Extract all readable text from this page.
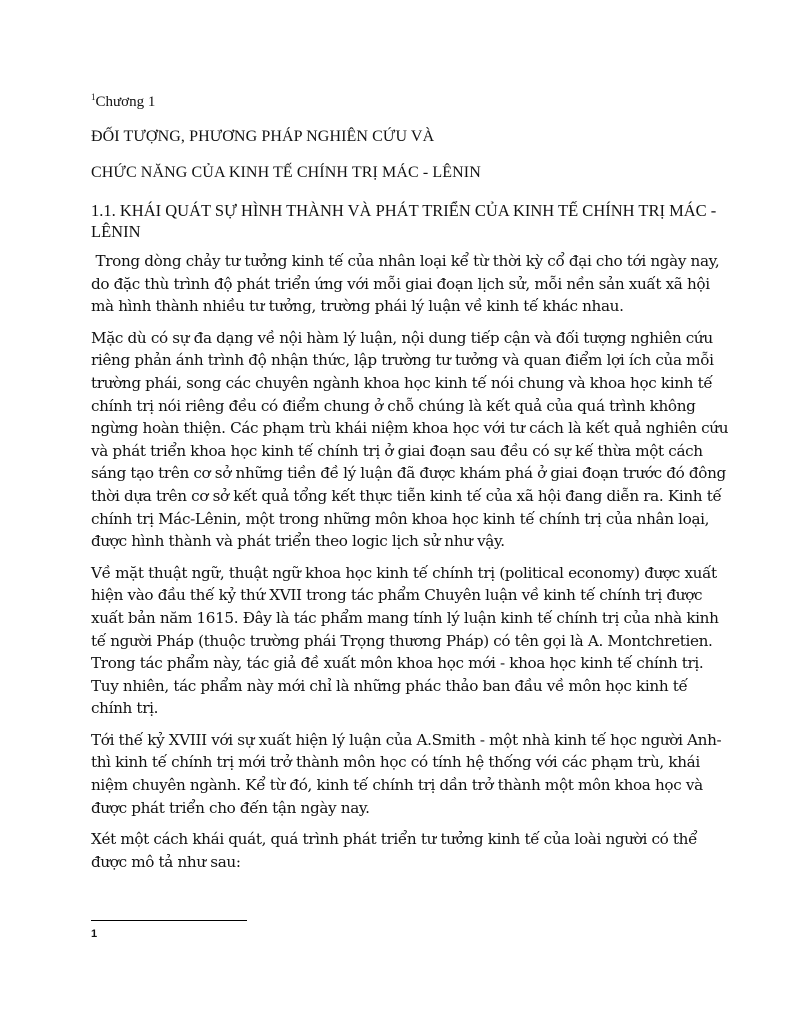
$^1$Chương 1

ĐỐI TƯỢNG, PHƯƠNG PHÁP NGHIÊN CỨU VÀ

CHỨC NĂNG CỦA KINH TẾ CHÍNH TRỊ MÁC - LÊNIN

1.1. KHÁI QUÁT SỰ HÌNH THÀNH VÀ PHÁT TRIỂN CỦA KINH TẾ CHÍNH TRỊ MÁC - LÊNIN

Trong dòng chảy tư tưởng kinh tế của nhân loại kể từ thời kỳ cổ đại cho tới ngày nay, do đặc thù trình độ phát triển ứng với mỗi giai đoạn lịch sử, mỗi nền sản xuất xã hội mà hình thành nhiều tư tưởng, trường phái lý luận về kinh tế khác nhau.

Mặc dù có sự đa dạng về nội hàm lý luận, nội dung tiếp cận và đối tượng nghiên cứu riêng phản ánh trình độ nhận thức, lập trường tư tưởng và quan điểm lợi ích của mỗi trường phái, song các chuyên ngành khoa học kinh tế nói chung và khoa học kinh tế chính trị nói riêng đều có điểm chung ở chỗ chúng là kết quả của quá trình không ngừng hoàn thiện. Các phạm trù khái niệm khoa học với tư cách là kết quả nghiên cứu và phát triển khoa học kinh tế chính trị ở giai đoạn sau đều có sự kế thừa một cách sáng tạo trên cơ sở những tiền đề lý luận đã được khám phá ở giai đoạn trước đó đông thời dựa trên cơ sở kết quả tổng kết thực tiễn kinh tế của xã hội đang diễn ra. Kinh tế chính trị Mác-Lênin, một trong những môn khoa học kinh tế chính trị của nhân loại, được hình thành và phát triển theo logic lịch sử như vậy.

Về mặt thuật ngữ, thuật ngữ khoa học kinh tế chính trị (political economy) được xuất hiện vào đầu thế kỷ thứ XVII trong tác phẩm Chuyên luận về kinh tế chính trị được xuất bản năm 1615. Đây là tác phẩm mang tính lý luận kinh tế chính trị của nhà kinh tế người Pháp (thuộc trường phái Trọng thương Pháp) có tên gọi là A. Montchretien. Trong tác phẩm này, tác giả đề xuất môn khoa học mới - khoa học kinh tế chính trị. Tuy nhiên, tác phẩm này mới chỉ là những phác thảo ban đầu về môn học kinh tế chính trị.

Tới thế kỷ XVIII với sự xuất hiện lý luận của A.Smith - một nhà kinh tế học người Anh- thì kinh tế chính trị mới trở thành môn học có tính hệ thống với các phạm trù, khái niệm chuyên ngành. Kể từ đó, kinh tế chính trị dần trở thành một môn khoa học và được phát triển cho đến tận ngày nay.

Xét một cách khái quát, quá trình phát triển tư tưởng kinh tế của loài người có thể được mô tả như sau:

1
